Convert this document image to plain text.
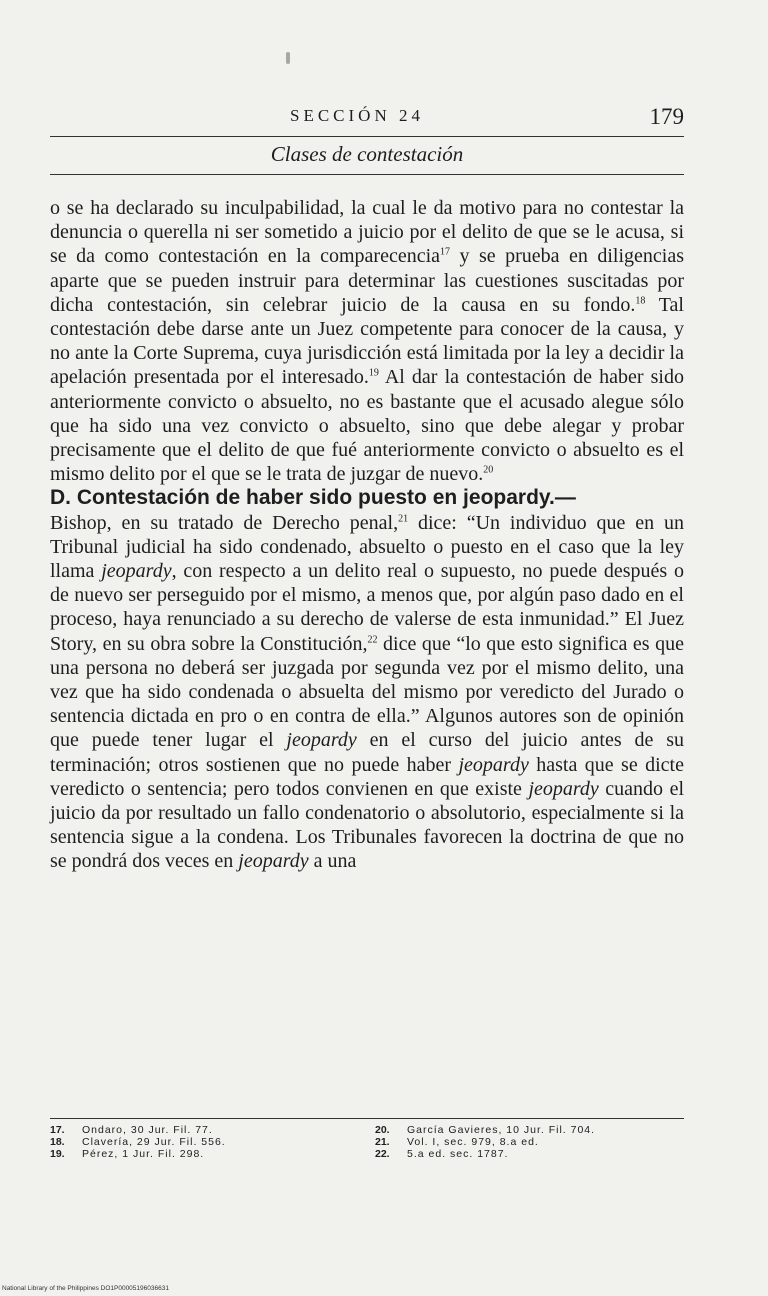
SECCIÓN 24	179
Clases de contestación

o se ha declarado su inculpabilidad, la cual le da motivo para no contestar la denuncia o querella ni ser sometido a juicio por el delito de que se le acusa, si se da como contestación en la comparecencia$^{17}$ y se prueba en diligencias aparte que se pueden instruir para determinar las cuestiones suscitadas por dicha contestación, sin celebrar juicio de la causa en su fondo.$^{18}$ Tal contestación debe darse ante un Juez competente para conocer de la causa, y no ante la Corte Suprema, cuya jurisdicción está limitada por la ley a decidir la apelación presentada por el interesado.$^{19}$ Al dar la contestación de haber sido anteriormente convicto o absuelto, no es bastante que el acusado alegue sólo que ha sido una vez convicto o absuelto, sino que debe alegar y probar precisamente que el delito de que fué anteriormente convicto o absuelto es el mismo delito por el que se le trata de juzgar de nuevo.$^{20}$

D. Contestación de haber sido puesto en jeopardy.—
Bishop, en su tratado de Derecho penal,$^{21}$ dice: “Un individuo que en un Tribunal judicial ha sido condenado, absuelto o puesto en el caso que la ley llama jeopardy, con respecto a un delito real o supuesto, no puede después o de nuevo ser perseguido por el mismo, a menos que, por algún paso dado en el proceso, haya renunciado a su derecho de valerse de esta inmunidad.” El Juez Story, en su obra sobre la Constitución,$^{22}$ dice que “lo que esto significa es que una persona no deberá ser juzgada por segunda vez por el mismo delito, una vez que ha sido condenada o absuelta del mismo por veredicto del Jurado o sentencia dictada en pro o en contra de ella.” Algunos autores son de opinión que puede tener lugar el jeopardy en el curso del juicio antes de su terminación; otros sostienen que no puede haber jeopardy hasta que se dicte veredicto o sentencia; pero todos convienen en que existe jeopardy cuando el juicio da por resultado un fallo condenatorio o absolutorio, especialmente si la sentencia sigue a la condena. Los Tribunales favorecen la doctrina de que no se pondrá dos veces en jeopardy a una

17. Ondaro, 30 Jur. Fil. 77.
18. Clavería, 29 Jur. Fil. 556.
19. Pérez, 1 Jur. Fil. 298.
20. García Gavieres, 10 Jur. Fil. 704.
21. Vol. I, sec. 979, 8.a ed.
22. 5.a ed. sec. 1787.
National Library of the Philippines DO1P00005196036631
